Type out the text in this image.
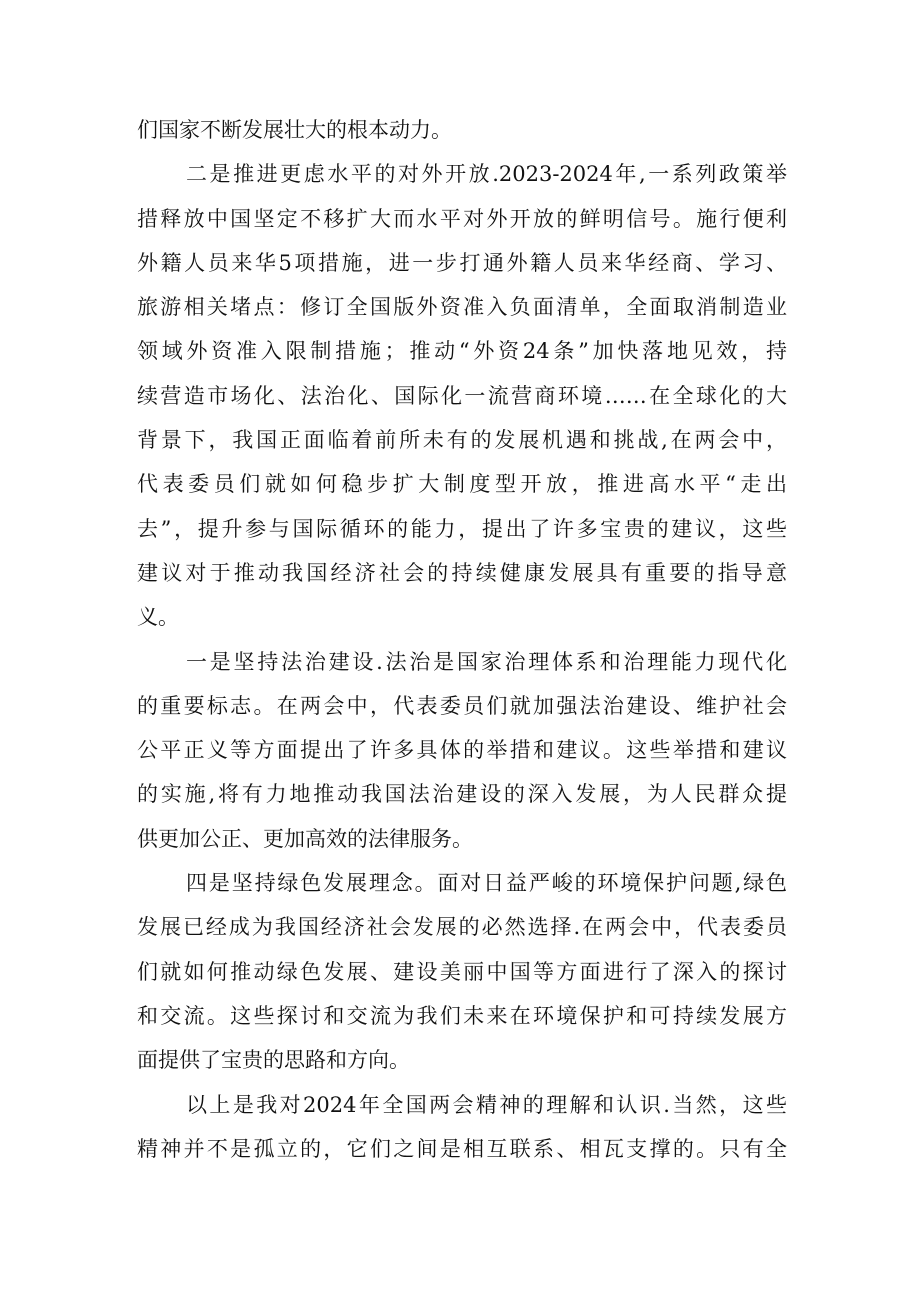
们国家不断发展壮大的根本动力。
二是推进更虑水平的对外开放.2023-2024年,一系列政策举
措释放中国坚定不移扩大而水平对外开放的鲜明信号。施行便利
外籍人员来华5项措施，进一步打通外籍人员来华经商、学习、
旅游相关堵点：修订全国版外资准入负面清单，全面取消制造业
领域外资准入限制措施；推动“外资24条”加快落地见效，持
续营造市场化、法治化、国际化一流营商环境……在全球化的大
背景下，我国正面临着前所未有的发展机遇和挑战,在两会中，
代表委员们就如何稳步扩大制度型开放，推进高水平“走出
去”，提升参与国际循环的能力，提出了许多宝贵的建议，这些
建议对于推动我国经济社会的持续健康发展具有重要的指导意
义。
一是坚持法治建设.法治是国家治理体系和治理能力现代化
的重要标志。在两会中，代表委员们就加强法治建设、维护社会
公平正义等方面提出了许多具体的举措和建议。这些举措和建议
的实施,将有力地推动我国法治建设的深入发展，为人民群众提
供更加公正、更加高效的法律服务。
四是坚持绿色发展理念。面对日益严峻的环境保护问题,绿色
发展已经成为我国经济社会发展的必然选择.在两会中，代表委员
们就如何推动绿色发展、建设美丽中国等方面进行了深入的探讨
和交流。这些探讨和交流为我们未来在环境保护和可持续发展方
面提供了宝贵的思路和方向。
以上是我对2024年全国两会精神的理解和认识.当然，这些
精神并不是孤立的，它们之间是相互联系、相瓦支撑的。只有全
